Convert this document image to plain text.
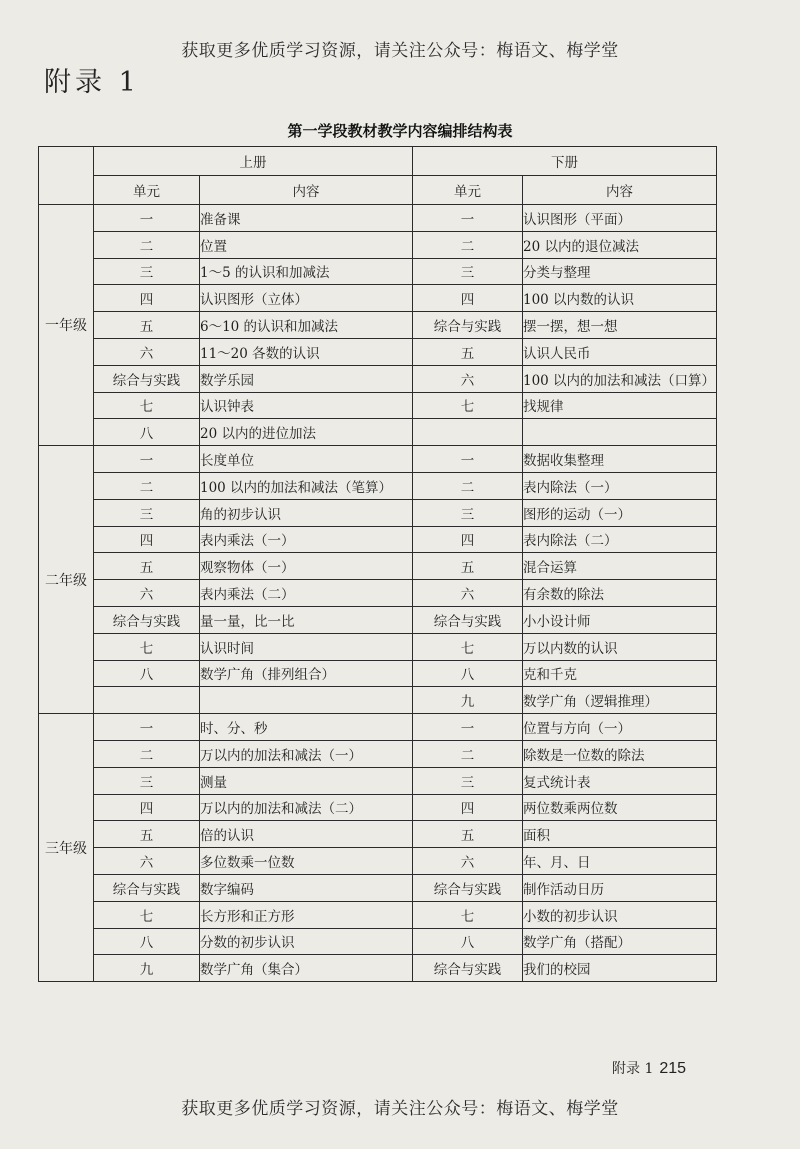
获取更多优质学习资源，请关注公众号：梅语文、梅学堂
附录 1
第一学段教材教学内容编排结构表
	上册		下册	
	单元	内容	单元	内容
一年级	一	准备课	一	认识图形（平面）
	二	位置	二	20 以内的退位减法
	三	1～5 的认识和加减法	三	分类与整理
	四	认识图形（立体）	四	100 以内数的认识
	五	6～10 的认识和加减法	综合与实践	摆一摆，想一想
	六	11～20 各数的认识	五	认识人民币
	综合与实践	数学乐园	六	100 以内的加法和减法（口算）
	七	认识钟表	七	找规律
	八	20 以内的进位加法		
二年级	一	长度单位	一	数据收集整理
	二	100 以内的加法和减法（笔算）	二	表内除法（一）
	三	角的初步认识	三	图形的运动（一）
	四	表内乘法（一）	四	表内除法（二）
	五	观察物体（一）	五	混合运算
	六	表内乘法（二）	六	有余数的除法
	综合与实践	量一量，比一比	综合与实践	小小设计师
	七	认识时间	七	万以内数的认识
	八	数学广角（排列组合）	八	克和千克
			九	数学广角（逻辑推理）
三年级	一	时、分、秒	一	位置与方向（一）
	二	万以内的加法和减法（一）	二	除数是一位数的除法
	三	测量	三	复式统计表
	四	万以内的加法和减法（二）	四	两位数乘两位数
	五	倍的认识	五	面积
	六	多位数乘一位数	六	年、月、日
	综合与实践	数字编码	综合与实践	制作活动日历
	七	长方形和正方形	七	小数的初步认识
	八	分数的初步认识	八	数学广角（搭配）
	九	数学广角（集合）	综合与实践	我们的校园
附录 1 215
获取更多优质学习资源，请关注公众号：梅语文、梅学堂
